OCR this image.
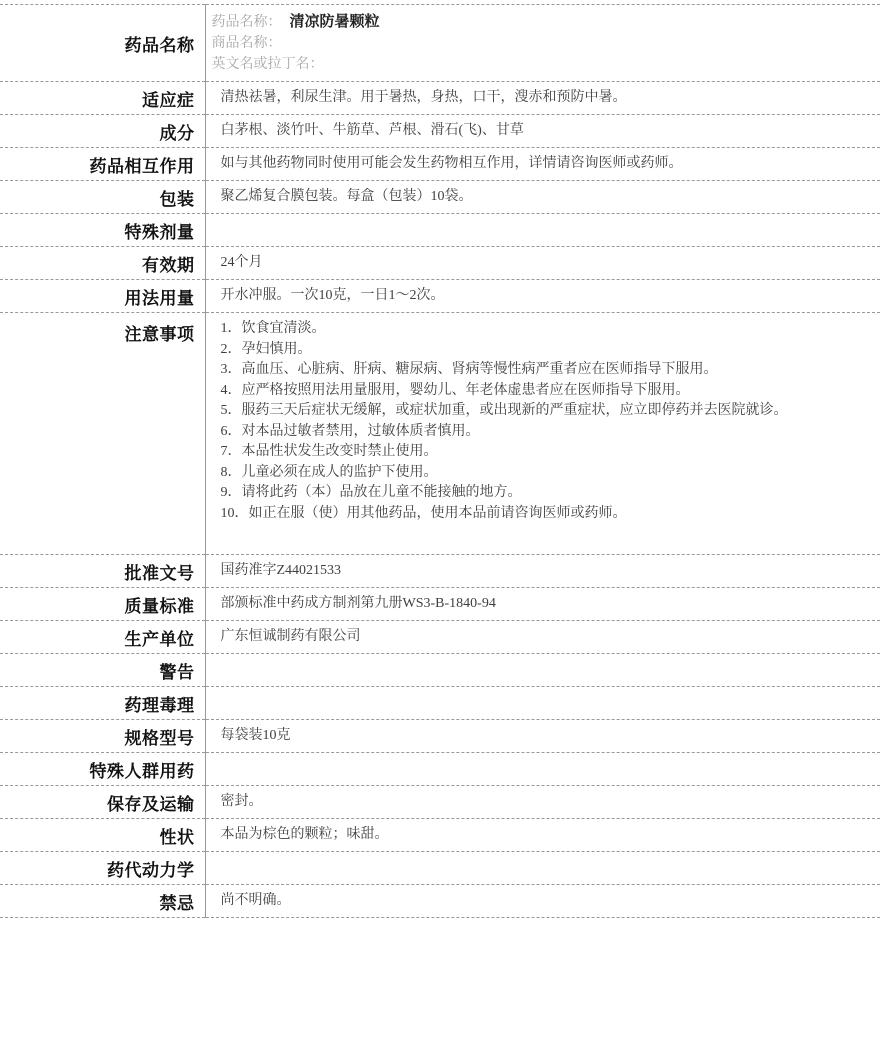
药品名称	药品名称： 清凉防暑颗粒
商品名称：
英文名或拉丁名：

适应症	清热祛暑，利尿生津。用于暑热，身热，口干，溲赤和预防中暑。
成分	白茅根、淡竹叶、牛筋草、芦根、滑石(飞)、甘草
药品相互作用	如与其他药物同时使用可能会发生药物相互作用，详情请咨询医师或药师。
包装	聚乙烯复合膜包装。每盒（包装）10袋。
特殊剂量	
有效期	24个月
用法用量	开水冲服。一次10克，一日1～2次。
注意事项	1．饮食宜清淡。
2．孕妇慎用。
3．高血压、心脏病、肝病、糖尿病、肾病等慢性病严重者应在医师指导下服用。
4．应严格按照用法用量服用，婴幼儿、年老体虚患者应在医师指导下服用。
5．服药三天后症状无缓解，或症状加重，或出现新的严重症状，应立即停药并去医院就诊。
6．对本品过敏者禁用，过敏体质者慎用。
7．本品性状发生改变时禁止使用。
8．儿童必须在成人的监护下使用。
9．请将此药（本）品放在儿童不能接触的地方。
10．如正在服（使）用其他药品，使用本品前请咨询医师或药师。

批准文号	国药准字Z44021533
质量标准	部颁标准中药成方制剂第九册WS3-B-1840-94
生产单位	广东恒诚制药有限公司
警告	
药理毒理	
规格型号	每袋装10克
特殊人群用药	
保存及运输	密封。
性状	本品为棕色的颗粒；味甜。
药代动力学	
禁忌	尚不明确。
